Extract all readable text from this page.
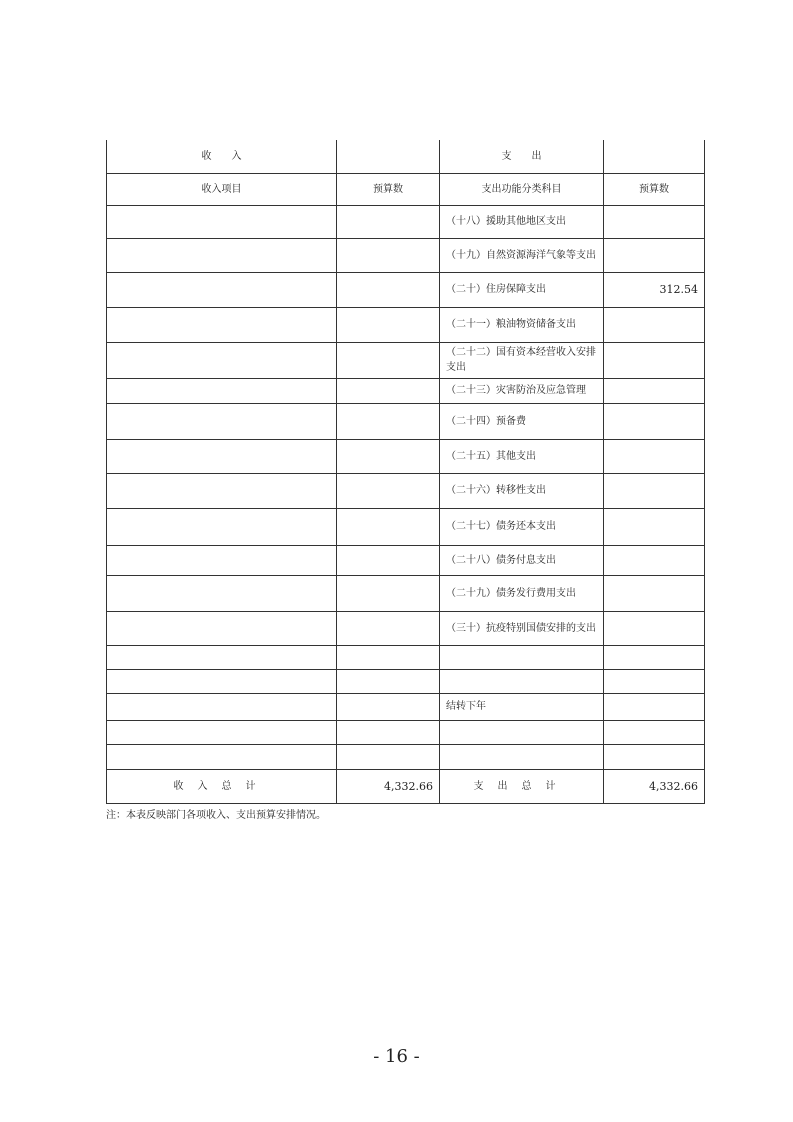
收　　入		支　　出	
收入项目	预算数	支出功能分类科目	预算数
		（十八）援助其他地区支出	
		（十九）自然资源海洋气象等支出	
		（二十）住房保障支出	312.54
		（二十一）粮油物资储备支出	
		（二十二）国有资本经营收入安排支出	
		（二十三）灾害防治及应急管理	
		（二十四）预备费	
		（二十五）其他支出	
		（二十六）转移性支出	
		（二十七）债务还本支出	
		（二十八）债务付息支出	
		（二十九）债务发行费用支出	
		（三十）抗疫特别国债安排的支出	

		结转下年	

收入总计	4,332.66	支出总计	4,332.66
注：本表反映部门各项收入、支出预算安排情况。
- 16 -
